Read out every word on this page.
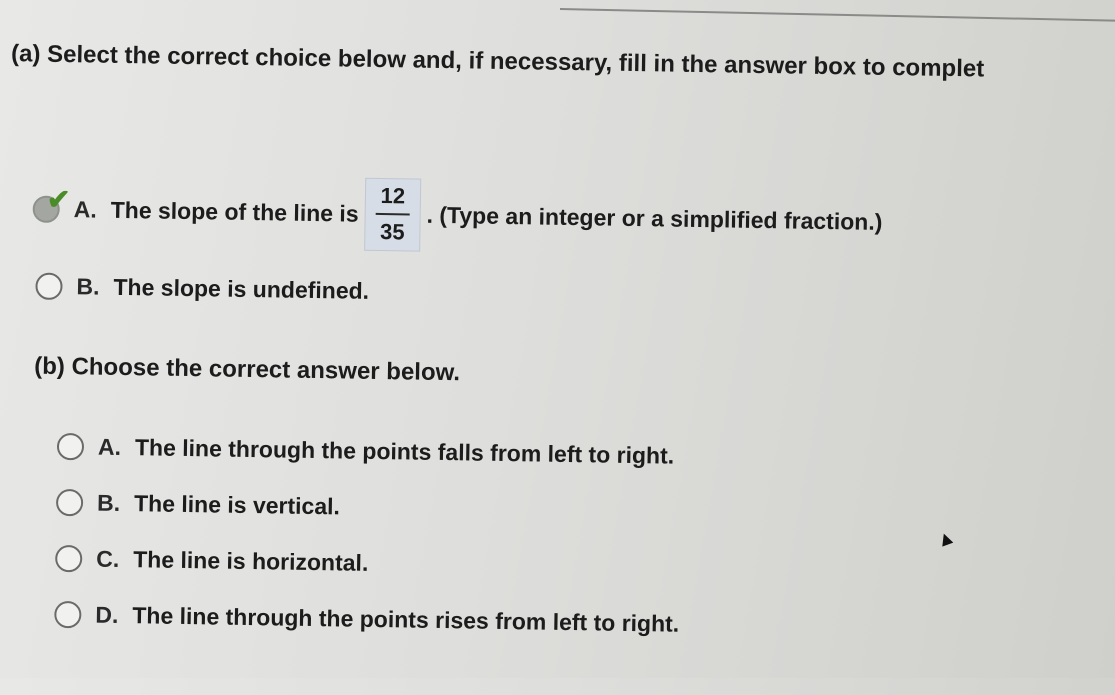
(a) Select the correct choice below and, if necessary, fill in the answer box to complet
✔ A. The slope of the line is $\frac{12}{35}$ . (Type an integer or a simplified fraction.)
B. The slope is undefined.
(b) Choose the correct answer below.
A. The line through the points falls from left to right.
B. The line is vertical.
C. The line is horizontal.
D. The line through the points rises from left to right.
▲
